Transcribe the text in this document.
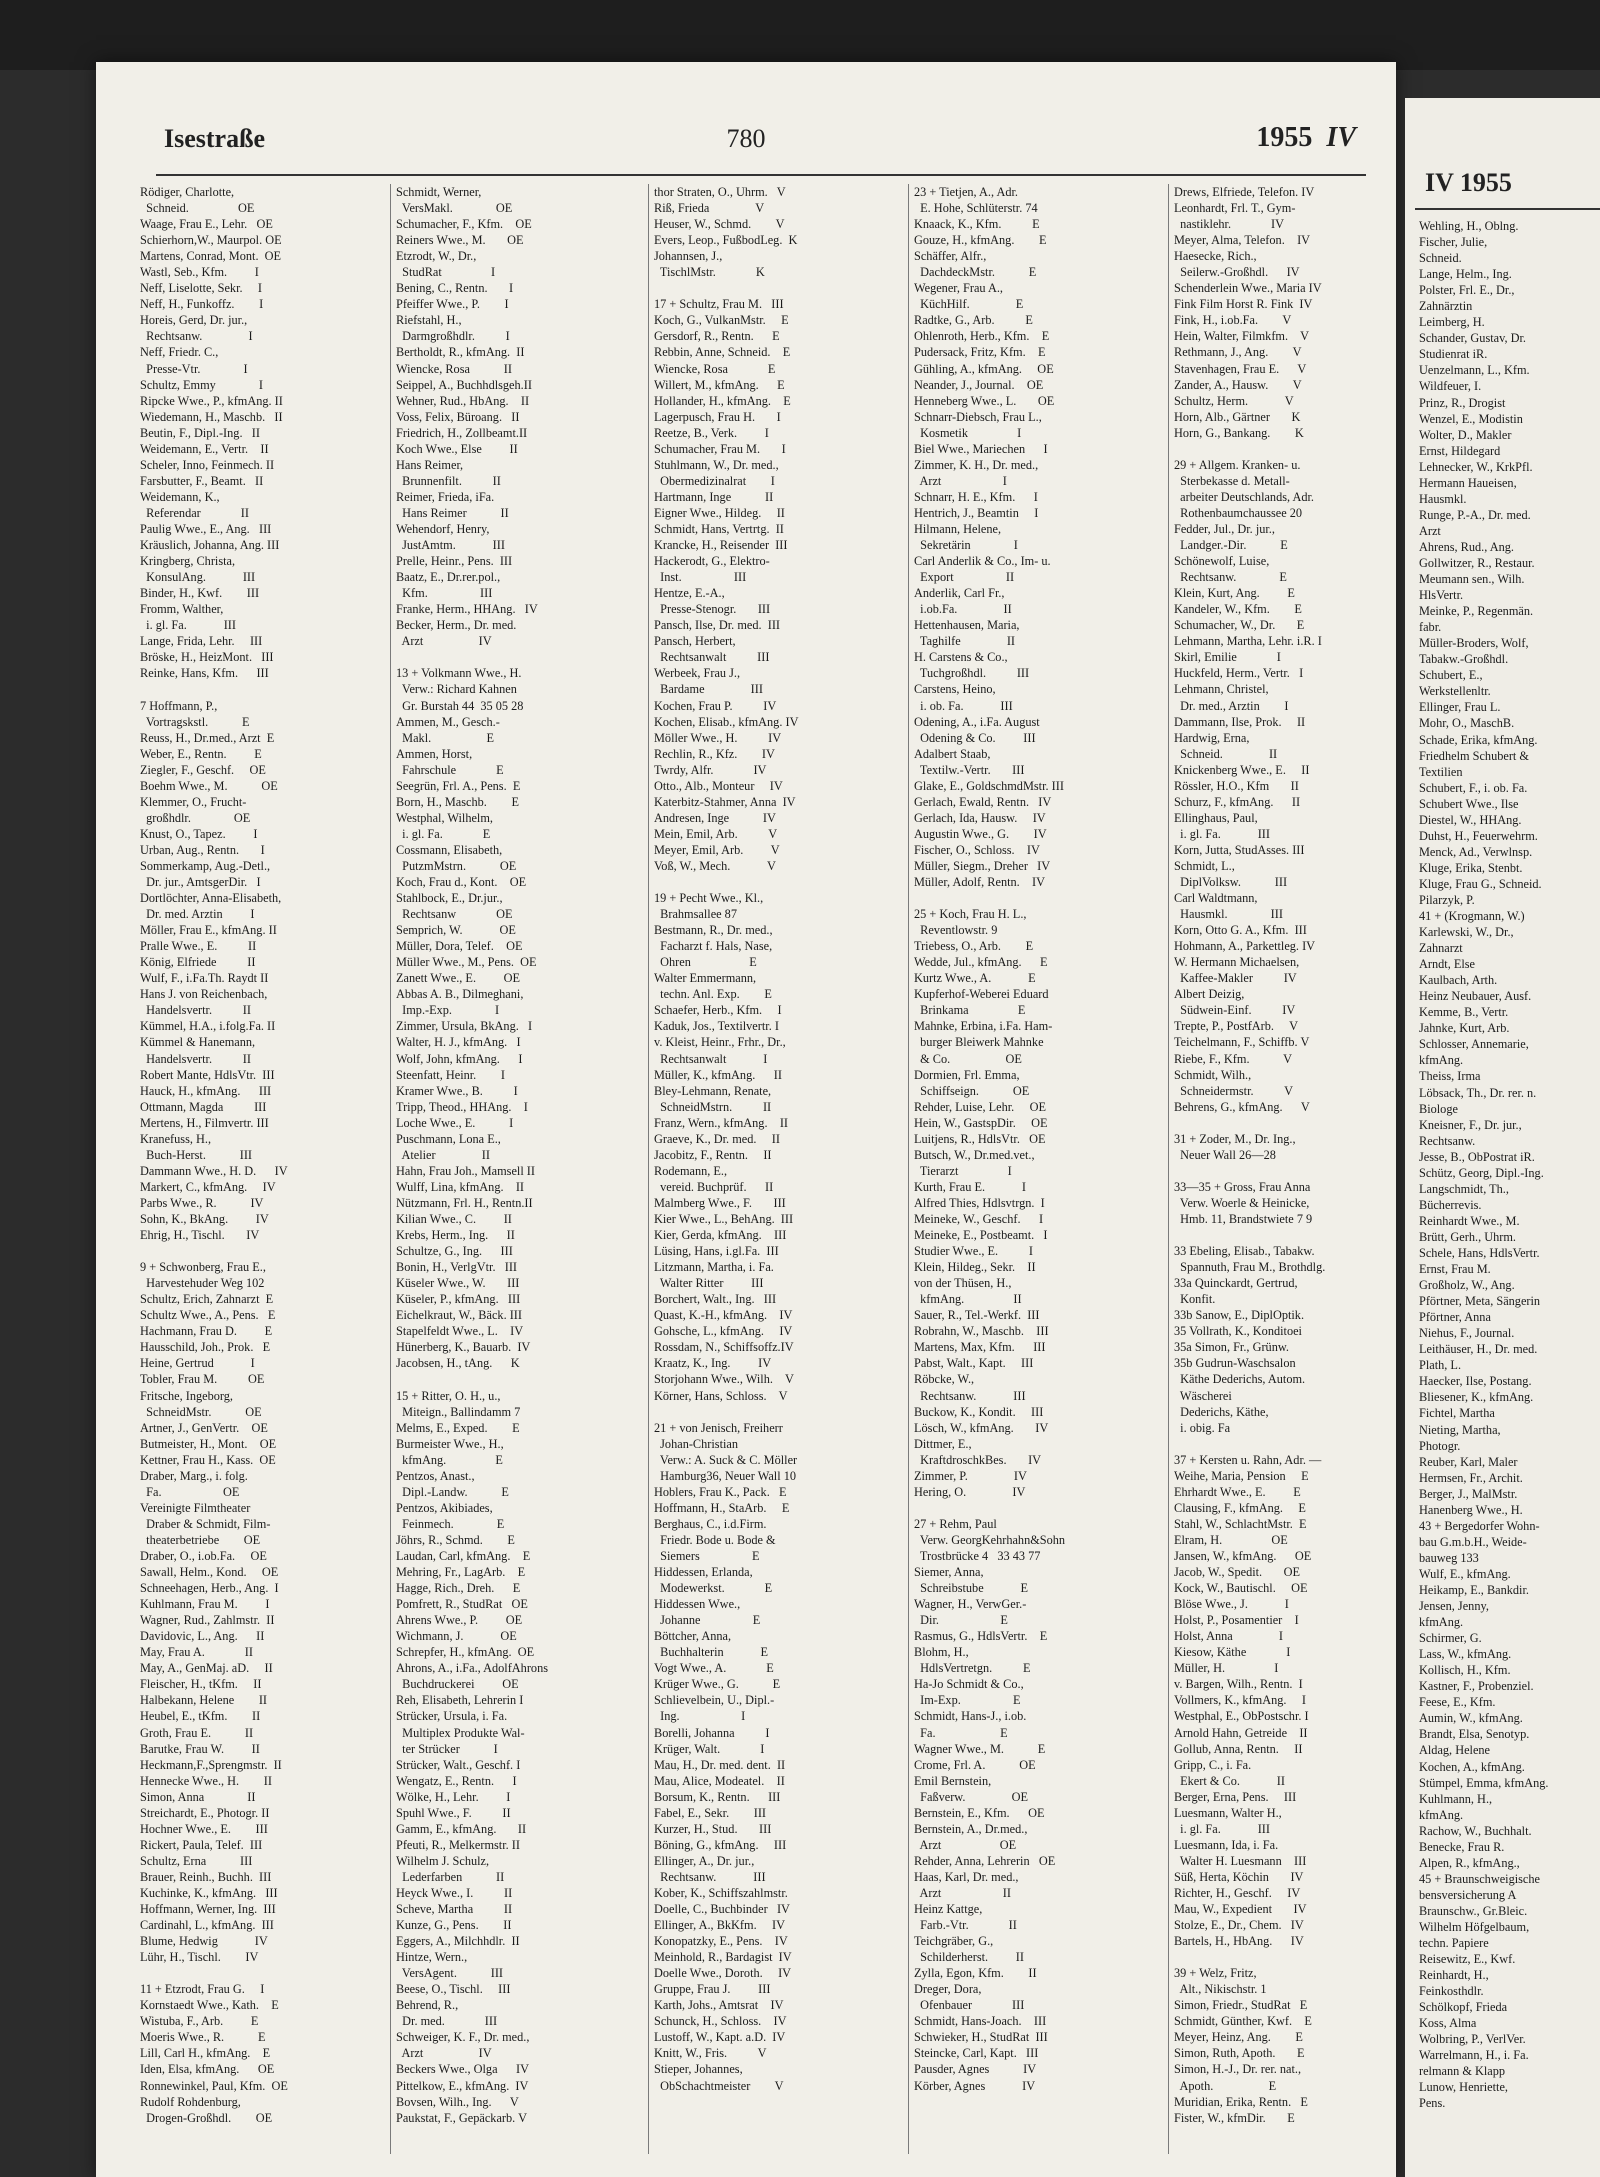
Isestraße	780	1955 IV
Rödiger, Charlotte,
Schneid.                OE
Waage, Frau E., Lehr.   OE
Schierhorn,W., Maurpol. OE
Martens, Conrad, Mont.  OE
Wastl, Seb., Kfm.         I
Neff, Liselotte, Sekr.     I
Neff, H., Funkoffz.        I
Horeis, Gerd, Dr. jur.,
Rechtsanw.               I
Neff, Friedr. C.,
Presse-Vtr.              I
Schultz, Emmy              I
Ripcke Wwe., P., kfmAng. II
Wiedemann, H., Maschb.   II
Beutin, F., Dipl.-Ing.   II
Weidemann, E., Vertr.    II
Scheler, Inno, Feinmech. II
Farsbutter, F., Beamt.   II
Weidemann, K.,
Referendar             II
Paulig Wwe., E., Ang.   III
Kräuslich, Johanna, Ang. III
Kringberg, Christa,
KonsulAng.            III
Binder, H., Kwf.        III
Fromm, Walther,
i. gl. Fa.            III
Lange, Frida, Lehr.     III
Bröske, H., HeizMont.   III
Reinke, Hans, Kfm.      III
7 Hoffmann, P.,
Vortragskstl.           E
Reuss, H., Dr.med., Arzt  E
Weber, E., Rentn.         E
Ziegler, F., Geschf.     OE
Boehm Wwe., M.           OE
Klemmer, O., Frucht-
großhdlr.              OE
Knust, O., Tapez.         I
Urban, Aug., Rentn.       I
Sommerkamp, Aug.-Detl.,
Dr. jur., AmtsgerDir.   I
Dortlöchter, Anna-Elisabeth,
Dr. med. Arztin         I
Möller, Frau E., kfmAng. II
Pralle Wwe., E.          II
König, Elfriede          II
Wulf, F., i.Fa.Th. Raydt II
Hans J. von Reichenbach,
Handelsvertr.          II
Kümmel, H.A., i.folg.Fa. II
Kümmel & Hanemann,
Handelsvertr.          II
Robert Mante, HdlsVtr.  III
Hauck, H., kfmAng.      III
Ottmann, Magda          III
Mertens, H., Filmvertr. III
Kranefuss, H.,
Buch-Herst.           III
Dammann Wwe., H. D.      IV
Markert, C., kfmAng.     IV
Parbs Wwe., R.           IV
Sohn, K., BkAng.         IV
Ehrig, H., Tischl.       IV
9 + Schwonberg, Frau E.,
Harvestehuder Weg 102
Schultz, Erich, Zahnarzt  E
Schultz Wwe., A., Pens.   E
Hachmann, Frau D.         E
Hausschild, Joh., Prok.   E
Heine, Gertrud            I
Tobler, Frau M.          OE
Fritsche, Ingeborg,
SchneidMstr.           OE
Artner, J., GenVertr.    OE
Butmeister, H., Mont.    OE
Kettner, Frau H., Kass.  OE
Draber, Marg., i. folg.
Fa.                    OE
Vereinigte Filmtheater
Draber & Schmidt, Film-
theaterbetriebe        OE
Draber, O., i.ob.Fa.     OE
Sawall, Helm., Kond.     OE
Schneehagen, Herb., Ang.  I
Kuhlmann, Frau M.         I
Wagner, Rud., Zahlmstr.  II
Davidovic, L., Ang.      II
May, Frau A.             II
May, A., GenMaj. aD.     II
Fleischer, H., tKfm.     II
Halbekann, Helene        II
Heubel, E., tKfm.        II
Groth, Frau E.           II
Barutke, Frau W.         II
Heckmann,F.,Sprengmstr.  II
Hennecke Wwe., H.        II
Simon, Anna              II
Streichardt, E., Photogr. II
Hochner Wwe., E.        III
Rickert, Paula, Telef.  III
Schultz, Erna           III
Brauer, Reinh., Buchh.  III
Kuchinke, K., kfmAng.   III
Hoffmann, Werner, Ing.  III
Cardinahl, L., kfmAng.  III
Blume, Hedwig            IV
Lühr, H., Tischl.        IV
11 + Etzrodt, Frau G.     I
Kornstaedt Wwe., Kath.    E
Wistuba, F., Arb.         E
Moeris Wwe., R.           E
Lill, Carl H., kfmAng.    E
Iden, Elsa, kfmAng.      OE
Ronnewinkel, Paul, Kfm.  OE
Rudolf Rohdenburg,
Drogen-Großhdl.        OE
Schmidt, Werner,
VersMakl.              OE
Schumacher, F., Kfm.    OE
Reiners Wwe., M.       OE
Etzrodt, W., Dr.,
StudRat                I
Bening, C., Rentn.       I
Pfeiffer Wwe., P.        I
Riefstahl, H.,
Darmgroßhdlr.          I
Bertholdt, R., kfmAng.  II
Wiencke, Rosa           II
Seippel, A., Buchhdlsgeh.II
Wehner, Rud., HbAng.    II
Voss, Felix, Büroang.   II
Friedrich, H., Zollbeamt.II
Koch Wwe., Else         II
Hans Reimer,
Brunnenfilt.          II
Reimer, Frieda, iFa.
Hans Reimer           II
Wehendorf, Henry,
JustAmtm.            III
Prelle, Heinr., Pens.  III
Baatz, E., Dr.rer.pol.,
Kfm.                 III
Franke, Herm., HHAng.   IV
Becker, Herm., Dr. med.
Arzt                  IV
13 + Volkmann Wwe., H.
Verw.: Richard Kahnen
Gr. Burstah 44  35 05 28
Ammen, M., Gesch.-
Makl.                  E
Ammen, Horst,
Fahrschule             E
Seegrün, Frl. A., Pens.  E
Born, H., Maschb.        E
Westphal, Wilhelm,
i. gl. Fa.             E
Cossmann, Elisabeth,
PutzmMstrn.           OE
Koch, Frau d., Kont.    OE
Stahlbock, E., Dr.jur.,
Rechtsanw             OE
Semprich, W.            OE
Müller, Dora, Telef.    OE
Müller Wwe., M., Pens.  OE
Zanett Wwe., E.         OE
Abbas A. B., Dilmeghani,
Imp.-Exp.              I
Zimmer, Ursula, BkAng.   I
Walter, H. J., kfmAng.   I
Wolf, John, kfmAng.      I
Steenfatt, Heinr.        I
Kramer Wwe., B.          I
Tripp, Theod., HHAng.    I
Loche Wwe., E.           I
Puschmann, Lona E.,
Atelier               II
Hahn, Frau Joh., Mamsell II
Wulff, Lina, kfmAng.    II
Nützmann, Frl. H., Rentn.II
Kilian Wwe., C.         II
Krebs, Herm., Ing.      II
Schultze, G., Ing.      III
Bonin, H., VerlgVtr.   III
Küseler Wwe., W.       III
Küseler, P., kfmAng.   III
Eichelkraut, W., Bäck. III
Stapelfeldt Wwe., L.    IV
Hünerberg, K., Bauarb.  IV
Jacobsen, H., tAng.      K
15 + Ritter, O. H., u.,
Miteign., Ballindamm 7
Melms, E., Exped.        E
Burmeister Wwe., H.,
kfmAng.                E
Pentzos, Anast.,
Dipl.-Landw.           E
Pentzos, Akibiades,
Feinmech.              E
Jöhrs, R., Schmd.        E
Laudan, Carl, kfmAng.    E
Mehring, Fr., LagArb.    E
Hagge, Rich., Dreh.      E
Pomfrett, R., StudRat   OE
Ahrens Wwe., P.         OE
Wichmann, J.            OE
Schrepfer, H., kfmAng.  OE
Ahrons, A., i.Fa., AdolfAhrons
Buchdruckerei         OE
Reh, Elisabeth, Lehrerin I
Strücker, Ursula, i. Fa.
Multiplex Produkte Wal-
ter Strücker           I
Strücker, Walt., Geschf. I
Wengatz, E., Rentn.      I
Wölke, H., Lehr.         I
Spuhl Wwe., F.          II
Gamm, E., kfmAng.       II
Pfeuti, R., Melkermstr. II
Wilhelm J. Schulz,
Lederfarben           II
Heyck Wwe., I.          II
Scheve, Martha          II
Kunze, G., Pens.        II
Eggers, A., Milchhdlr.  II
Hintze, Wern.,
VersAgent.           III
Beese, O., Tischl.     III
Behrend, R.,
Dr. med.             III
Schweiger, K. F., Dr. med.,
Arzt                  IV
Beckers Wwe., Olga      IV
Pittelkow, E., kfmAng.  IV
Bovsen, Wilh., Ing.      V
Paukstat, F., Gepäckarb. V
thor Straten, O., Uhrm.   V
Riß, Frieda               V
Heuser, W., Schmd.        V
Evers, Leop., FußbodLeg.  K
Johannsen, J.,
TischlMstr.             K
17 + Schultz, Frau M.   III
Koch, G., VulkanMstr.     E
Gersdorf, R., Rentn.      E
Rebbin, Anne, Schneid.    E
Wiencke, Rosa             E
Willert, M., kfmAng.      E
Hollander, H., kfmAng.    E
Lagerpusch, Frau H.       I
Reetze, B., Verk.         I
Schumacher, Frau M.       I
Stuhlmann, W., Dr. med.,
Obermedizinalrat        I
Hartmann, Inge           II
Eigner Wwe., Hildeg.     II
Schmidt, Hans, Vertrtg.  II
Krancke, H., Reisender  III
Hackerodt, G., Elektro-
Inst.                 III
Hentze, E.-A.,
Presse-Stenogr.       III
Pansch, Ilse, Dr. med.  III
Pansch, Herbert,
Rechtsanwalt          III
Werbeek, Frau J.,
Bardame               III
Kochen, Frau P.          IV
Kochen, Elisab., kfmAng. IV
Möller Wwe., H.          IV
Rechlin, R., Kfz.        IV
Twrdy, Alfr.             IV
Otto., Alb., Monteur     IV
Katerbitz-Stahmer, Anna  IV
Andresen, Inge           IV
Mein, Emil, Arb.          V
Meyer, Emil, Arb.         V
Voß, W., Mech.            V
19 + Pecht Wwe., Kl.,
Brahmsallee 87
Bestmann, R., Dr. med.,
Facharzt f. Hals, Nase,
Ohren                   E
Walter Emmermann,
techn. Anl. Exp.        E
Schaefer, Herb., Kfm.     I
Kaduk, Jos., Textilvertr. I
v. Kleist, Heinr., Frhr., Dr.,
Rechtsanwalt            I
Müller, K., kfmAng.      II
Bley-Lehmann, Renate,
SchneidMstrn.          II
Franz, Wern., kfmAng.    II
Graeve, K., Dr. med.     II
Jacobitz, F., Rentn.     II
Rodemann, E.,
vereid. Buchprüf.      II
Malmberg Wwe., F.       III
Kier Wwe., L., BehAng.  III
Kier, Gerda, kfmAng.    III
Lüsing, Hans, i.gl.Fa.  III
Litzmann, Martha, i. Fa.
Walter Ritter         III
Borchert, Walt., Ing.   III
Quast, K.-H., kfmAng.    IV
Gohsche, L., kfmAng.     IV
Rossdam, N., Schiffsoffz.IV
Kraatz, K., Ing.         IV
Storjohann Wwe., Wilh.    V
Körner, Hans, Schloss.    V
21 + von Jenisch, Freiherr
Johan-Christian
Verw.: A. Suck & C. Möller
Hamburg36, Neuer Wall 10
Hoblers, Frau K., Pack.   E
Hoffmann, H., StaArb.     E
Berghaus, C., i.d.Firm.
Friedr. Bode u. Bode &
Siemers                 E
Hiddessen, Erlanda,
Modewerkst.             E
Hiddessen Wwe.,
Johanne                 E
Böttcher, Anna,
Buchhalterin            E
Vogt Wwe., A.             E
Krüger Wwe., G.           E
Schlievelbein, U., Dipl.-
Ing.                    I
Borelli, Johanna          I
Krüger, Walt.             I
Mau, H., Dr. med. dent.  II
Mau, Alice, Modeatel.    II
Borsum, K., Rentn.      III
Fabel, E., Sekr.        III
Kurzer, H., Stud.       III
Böning, G., kfmAng.     III
Ellinger, A., Dr. jur.,
Rechtsanw.            III
Kober, K., Schiffszahlmstr.
Doelle, C., Buchbinder   IV
Ellinger, A., BkKfm.     IV
Konopatzky, E., Pens.    IV
Meinhold, R., Bardagist  IV
Doelle Wwe., Doroth.     IV
Gruppe, Frau J.         III
Karth, Johs., Amtsrat    IV
Schunck, H., Schloss.    IV
Lustoff, W., Kapt. a.D.  IV
Knitt, W., Fris.          V
Stieper, Johannes,
ObSchachtmeister        V
23 + Tietjen, A., Adr.
E. Hohe, Schlüterstr. 74
Knaack, K., Kfm.          E
Gouze, H., kfmAng.        E
Schäffer, Alfr.,
DachdeckMstr.           E
Wegener, Frau A.,
KüchHilf.               E
Radtke, G., Arb.          E
Ohlenroth, Herb., Kfm.    E
Pudersack, Fritz, Kfm.    E
Gühling, A., kfmAng.     OE
Neander, J., Journal.    OE
Henneberg Wwe., L.       OE
Schnarr-Diebsch, Frau L.,
Kosmetik                I
Biel Wwe., Mariechen      I
Zimmer, K. H., Dr. med.,
Arzt                    I
Schnarr, H. E., Kfm.      I
Hentrich, J., Beamtin     I
Hilmann, Helene,
Sekretärin              I
Carl Anderlik & Co., Im- u.
Export                 II
Anderlik, Carl Fr.,
i.ob.Fa.               II
Hettenhausen, Maria,
Taghilfe               II
H. Carstens & Co.,
Tuchgroßhdl.          III
Carstens, Heino,
i. ob. Fa.            III
Odening, A., i.Fa. August
Odening & Co.         III
Adalbert Staab,
Textilw.-Vertr.       III
Glake, E., GoldschmdMstr. III
Gerlach, Ewald, Rentn.   IV
Gerlach, Ida, Hausw.     IV
Augustin Wwe., G.        IV
Fischer, O., Schloss.    IV
Müller, Siegm., Dreher   IV
Müller, Adolf, Rentn.    IV
25 + Koch, Frau H. L.,
Reventlowstr. 9
Triebess, O., Arb.        E
Wedde, Jul., kfmAng.      E
Kurtz Wwe., A.            E
Kupferhof-Weberei Eduard
Brinkama                E
Mahnke, Erbina, i.Fa. Ham-
burger Bleiwerk Mahnke
& Co.                  OE
Dormien, Frl. Emma,
Schiffseign.           OE
Rehder, Luise, Lehr.     OE
Hein, W., GastspDir.     OE
Luitjens, R., HdlsVtr.   OE
Butsch, W., Dr.med.vet.,
Tierarzt                I
Kurth, Frau E.            I
Alfred Thies, Hdlsvtrgn.  I
Meineke, W., Geschf.      I
Meineke, E., Postbeamt.   I
Studier Wwe., E.          I
Klein, Hildeg., Sekr.    II
von der Thüsen, H.,
kfmAng.                II
Sauer, R., Tel.-Werkf.  III
Robrahn, W., Maschb.    III
Martens, Max, Kfm.      III
Pabst, Walt., Kapt.     III
Röbcke, W.,
Rechtsanw.            III
Buckow, K., Kondit.     III
Lösch, W., kfmAng.       IV
Dittmer, E.,
KraftdroschkBes.       IV
Zimmer, P.               IV
Hering, O.               IV
27 + Rehm, Paul
Verw. GeorgKehrhahn&Sohn
Trostbrücke 4   33 43 77
Siemer, Anna,
Schreibstube            E
Wagner, H., VerwGer.-
Dir.                    E
Rasmus, G., HdlsVertr.    E
Blohm, H.,
HdlsVertretgn.          E
Ha-Jo Schmidt & Co.,
Im-Exp.                 E
Schmidt, Hans-J., i.ob.
Fa.                     E
Wagner Wwe., M.           E
Crome, Frl. A.           OE
Emil Bernstein,
Faßverw.               OE
Bernstein, E., Kfm.      OE
Bernstein, A., Dr.med.,
Arzt                   OE
Rehder, Anna, Lehrerin   OE
Haas, Karl, Dr. med.,
Arzt                    II
Heinz Kattge,
Farb.-Vtr.             II
Teichgräber, G.,
Schilderherst.         II
Zylla, Egon, Kfm.        II
Dreger, Dora,
Ofenbauer             III
Schmidt, Hans-Joach.    III
Schwieker, H., StudRat  III
Steincke, Carl, Kapt.   III
Pausder, Agnes           IV
Körber, Agnes            IV
Drews, Elfriede, Telefon. IV
Leonhardt, Frl. T., Gym-
nastiklehr.             IV
Meyer, Alma, Telefon.    IV
Haesecke, Rich.,
Seilerw.-Großhdl.      IV
Schenderlein Wwe., Maria IV
Fink Film Horst R. Fink  IV
Fink, H., i.ob.Fa.        V
Hein, Walter, Filmkfm.    V
Rethmann, J., Ang.        V
Stavenhagen, Frau E.      V
Zander, A., Hausw.        V
Schultz, Herm.            V
Horn, Alb., Gärtner       K
Horn, G., Bankang.        K
29 + Allgem. Kranken- u.
Sterbekasse d. Metall-
arbeiter Deutschlands, Adr.
Rothenbaumchaussee 20
Fedder, Jul., Dr. jur.,
Landger.-Dir.           E
Schönewolf, Luise,
Rechtsanw.              E
Klein, Kurt, Ang.         E
Kandeler, W., Kfm.        E
Schumacher, W., Dr.       E
Lehmann, Martha, Lehr. i.R. I
Skirl, Emilie             I
Huckfeld, Herm., Vertr.   I
Lehmann, Christel,
Dr. med., Arztin        I
Dammann, Ilse, Prok.     II
Hardwig, Erna,
Schneid.               II
Knickenberg Wwe., E.     II
Rössler, H.O., Kfm       II
Schurz, F., kfmAng.      II
Ellinghaus, Paul,
i. gl. Fa.            III
Korn, Jutta, StudAsses. III
Schmidt, L.,
DiplVolksw.           III
Carl Waldtmann,
Hausmkl.              III
Korn, Otto G. A., Kfm.  III
Hohmann, A., Parkettleg. IV
W. Hermann Michaelsen,
Kaffee-Makler          IV
Albert Deizig,
Südwein-Einf.          IV
Trepte, P., PostfArb.     V
Teichelmann, F., Schiffb. V
Riebe, F., Kfm.           V
Schmidt, Wilh.,
Schneidermstr.          V
Behrens, G., kfmAng.      V
31 + Zoder, M., Dr. Ing.,
Neuer Wall 26—28
33—35 + Gross, Frau Anna
Verw. Woerle & Heinicke,
Hmb. 11, Brandstwiete 7 9
33 Ebeling, Elisab., Tabakw.
Spannuth, Frau M., Brothdlg.
33a Quinckardt, Gertrud,
Konfit.
33b Sanow, E., DiplOptik.
35 Vollrath, K., Konditoei
35a Simon, Fr., Grünw.
35b Gudrun-Waschsalon
Käthe Dederichs, Autom.
Wäscherei
Dederichs, Käthe,
i. obig. Fa
37 + Kersten u. Rahn, Adr. —
Weihe, Maria, Pension     E
Ehrhardt Wwe., E.         E
Clausing, F., kfmAng.     E
Stahl, W., SchlachtMstr.  E
Elram, H.                OE
Jansen, W., kfmAng.      OE
Jacob, W., Spedit.       OE
Kock, W., Bautischl.     OE
Blöse Wwe., J.            I
Holst, P., Posamentier    I
Holst, Anna               I
Kiesow, Käthe             I
Müller, H.                I
v. Bargen, Wilh., Rentn.  I
Vollmers, K., kfmAng.     I
Westphal, E., ObPostschr. I
Arnold Hahn, Getreide    II
Gollub, Anna, Rentn.     II
Gripp, C., i. Fa.
Ekert & Co.            II
Berger, Erna, Pens.     III
Luesmann, Walter H.,
i. gl. Fa.            III
Luesmann, Ida, i. Fa.
Walter H. Luesmann    III
Süß, Herta, Köchin       IV
Richter, H., Geschf.     IV
Mau, W., Expedient       IV
Stolze, E., Dr., Chem.   IV
Bartels, H., HbAng.      IV
39 + Welz, Fritz,
Alt., Nikischstr. 1
Simon, Friedr., StudRat   E
Schmidt, Günther, Kwf.    E
Meyer, Heinz, Ang.        E
Simon, Ruth, Apoth.       E
Simon, H.-J., Dr. rer. nat.,
Apoth.                  E
Muridian, Erika, Rentn.   E
Fister, W., kfmDir.       E
IV 1955
Wehling, H., Oblng.
Fischer, Julie,
Schneid.
Lange, Helm., Ing.
Polster, Frl. E., Dr.,
Zahnärztin
Leimberg, H.
Schander, Gustav, Dr.
Studienrat iR.
Uenzelmann, L., Kfm.
Wildfeuer, I.
Prinz, R., Drogist
Wenzel, E., Modistin
Wolter, D., Makler
Ernst, Hildegard
Lehnecker, W., KrkPfl.
Hermann Haueisen,
Hausmkl.
Runge, P.-A., Dr. med.
Arzt
Ahrens, Rud., Ang.
Gollwitzer, R., Restaur.
Meumann sen., Wilh.
HlsVertr.
Meinke, P., Regenmän.
fabr.
Müller-Broders, Wolf,
Tabakw.-Großhdl.
Schubert, E.,
Werkstellenltr.
Ellinger, Frau L.
Mohr, O., MaschB.
Schade, Erika, kfmAng.
Friedhelm Schubert &
Textilien
Schubert, F., i. ob. Fa.
Schubert Wwe., Ilse
Diestel, W., HHAng.
Duhst, H., Feuerwehrm.
Menck, Ad., Verwlnsp.
Kluge, Erika, Stenbt.
Kluge, Frau G., Schneid.
Pilarzyk, P.
41 + (Krogmann, W.)
Karlewski, W., Dr.,
Zahnarzt
Arndt, Else
Kaulbach, Arth.
Heinz Neubauer, Ausf.
Kemme, B., Vertr.
Jahnke, Kurt, Arb.
Schlosser, Annemarie,
kfmAng.
Theiss, Irma
Löbsack, Th., Dr. rer. n.
Biologe
Kneisner, F., Dr. jur.,
Rechtsanw.
Jesse, B., ObPostrat iR.
Schütz, Georg, Dipl.-Ing.
Langschmidt, Th.,
Bücherrevis.
Reinhardt Wwe., M.
Brütt, Gerh., Uhrm.
Schele, Hans, HdlsVertr.
Ernst, Frau M.
Großholz, W., Ang.
Pförtner, Meta, Sängerin
Pförtner, Anna
Niehus, F., Journal.
Leithäuser, H., Dr. med.
Plath, L.
Haecker, Ilse, Postang.
Bliesener, K., kfmAng.
Fichtel, Martha
Nieting, Martha,
Photogr.
Reuber, Karl, Maler
Hermsen, Fr., Archit.
Berger, J., MalMstr.
Hanenberg Wwe., H.
43 + Bergedorfer Wohn-
bau G.m.b.H., Weide-
bauweg 133
Wulf, E., kfmAng.
Heikamp, E., Bankdir.
Jensen, Jenny,
kfmAng.
Schirmer, G.
Lass, W., kfmAng.
Kollisch, H., Kfm.
Kastner, F., Probenziel.
Feese, E., Kfm.
Aumin, W., kfmAng.
Brandt, Elsa, Senotyp.
Aldag, Helene
Kochen, A., kfmAng.
Stümpel, Emma, kfmAng.
Kuhlmann, H.,
kfmAng.
Rachow, W., Buchhalt.
Benecke, Frau R.
Alpen, R., kfmAng.,
45 + Braunschweigische
bensversicherung A
Braunschw., Gr.Bleic.
Wilhelm Höfgelbaum,
techn. Papiere
Reisewitz, E., Kwf.
Reinhardt, H.,
Feinkosthdlr.
Schölkopf, Frieda
Koss, Alma
Wolbring, P., VerlVer.
Warrelmann, H., i. Fa.
relmann & Klapp
Lunow, Henriette,
Pens.
